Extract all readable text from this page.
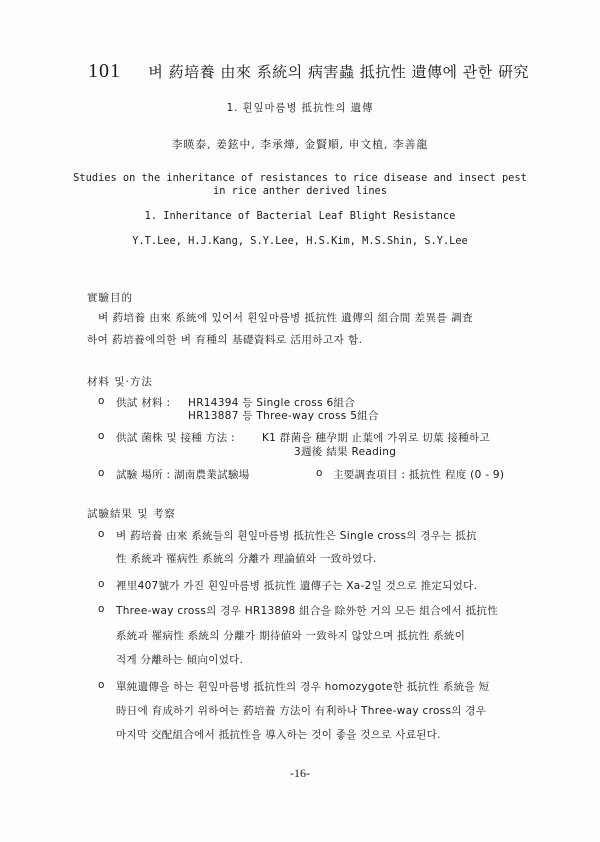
101 벼 葯培養 由來 系統의 病害蟲 抵抗性 遺傳에 관한 硏究
1. 흰잎마름병 抵抗性의 遺傳
李暎泰, 姜鉉中, 李承燁, 金賢順, 申文植, 李善龍
Studies on the inheritance of resistances to rice disease and insect pest
in rice anther derived lines
1. Inheritance of Bacterial Leaf Blight Resistance
Y.T.Lee, H.J.Kang, S.Y.Lee, H.S.Kim, M.S.Shin, S.Y.Lee
實驗目的
벼 葯培養 由來 系統에 있어서 흰잎마름병 抵抗性 遺傳의 組合間 差異를 調査
하여 葯培養에의한 벼 育種의 基礎資料로 活用하고자 함.
材料 및·方法
o 供試 材料 : HR14394 등 Single cross 6組合
HR13887 등 Three-way cross 5組合
o 供試 菌株 및 接種 方法 :	K1 群菌을 穗孕期 止葉에 가위로 切葉 接種하고
3週後 結果 Reading
o 試驗 場所 : 湖南農業試驗場	o 主要調査項目 : 抵抗性 程度 (0 - 9)
試驗結果 및 考察
o 벼 葯培養 由來 系統들의 흰잎마름병 抵抗性은 Single cross의 경우는 抵抗
性 系統과 罹病性 系統의 分離가 理論値와 一致하였다.
o 裡里407號가 가진 흰잎마름병 抵抗性 遺傳子는 Xa-2일 것으로 推定되었다.
o Three-way cross의 경우 HR13898 組合을 除外한 거의 모든 組合에서 抵抗性
系統과 罹病性 系統의 分離가 期待値와 一致하지 않았으며 抵抗性 系統이
적게 分離하는 傾向이었다.
o 單純遺傳을 하는 흰잎마름병 抵抗性의 경우 homozygote한 抵抗性 系統을 短
時日에 育成하기 위하여는 葯培養 方法이 有利하나 Three-way cross의 경우
마지막 交配組合에서 抵抗性을 導入하는 것이 좋을 것으로 사료된다.
-16-
